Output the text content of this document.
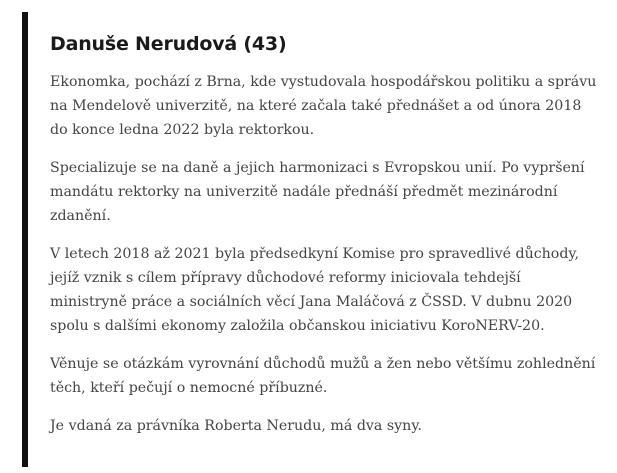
Danuše Nerudová (43)

Ekonomka, pochází z Brna, kde vystudovala hospodářskou politiku a správu na Mendelově univerzitě, na které začala také přednášet a od února 2018 do konce ledna 2022 byla rektorkou.

Specializuje se na daně a jejich harmonizaci s Evropskou unií. Po vypršení mandátu rektorky na univerzitě nadále přednáší předmět mezinárodní zdanění.

V letech 2018 až 2021 byla předsedkyní Komise pro spravedlivé důchody, jejíž vznik s cílem přípravy důchodové reformy iniciovala tehdejší ministryně práce a sociálních věcí Jana Maláčová z ČSSD. V dubnu 2020 spolu s dalšími ekonomy založila občanskou iniciativu KoroNERV-20.

Věnuje se otázkám vyrovnání důchodů mužů a žen nebo většímu zohlednění těch, kteří pečují o nemocné příbuzné.

Je vdaná za právníka Roberta Nerudu, má dva syny.
